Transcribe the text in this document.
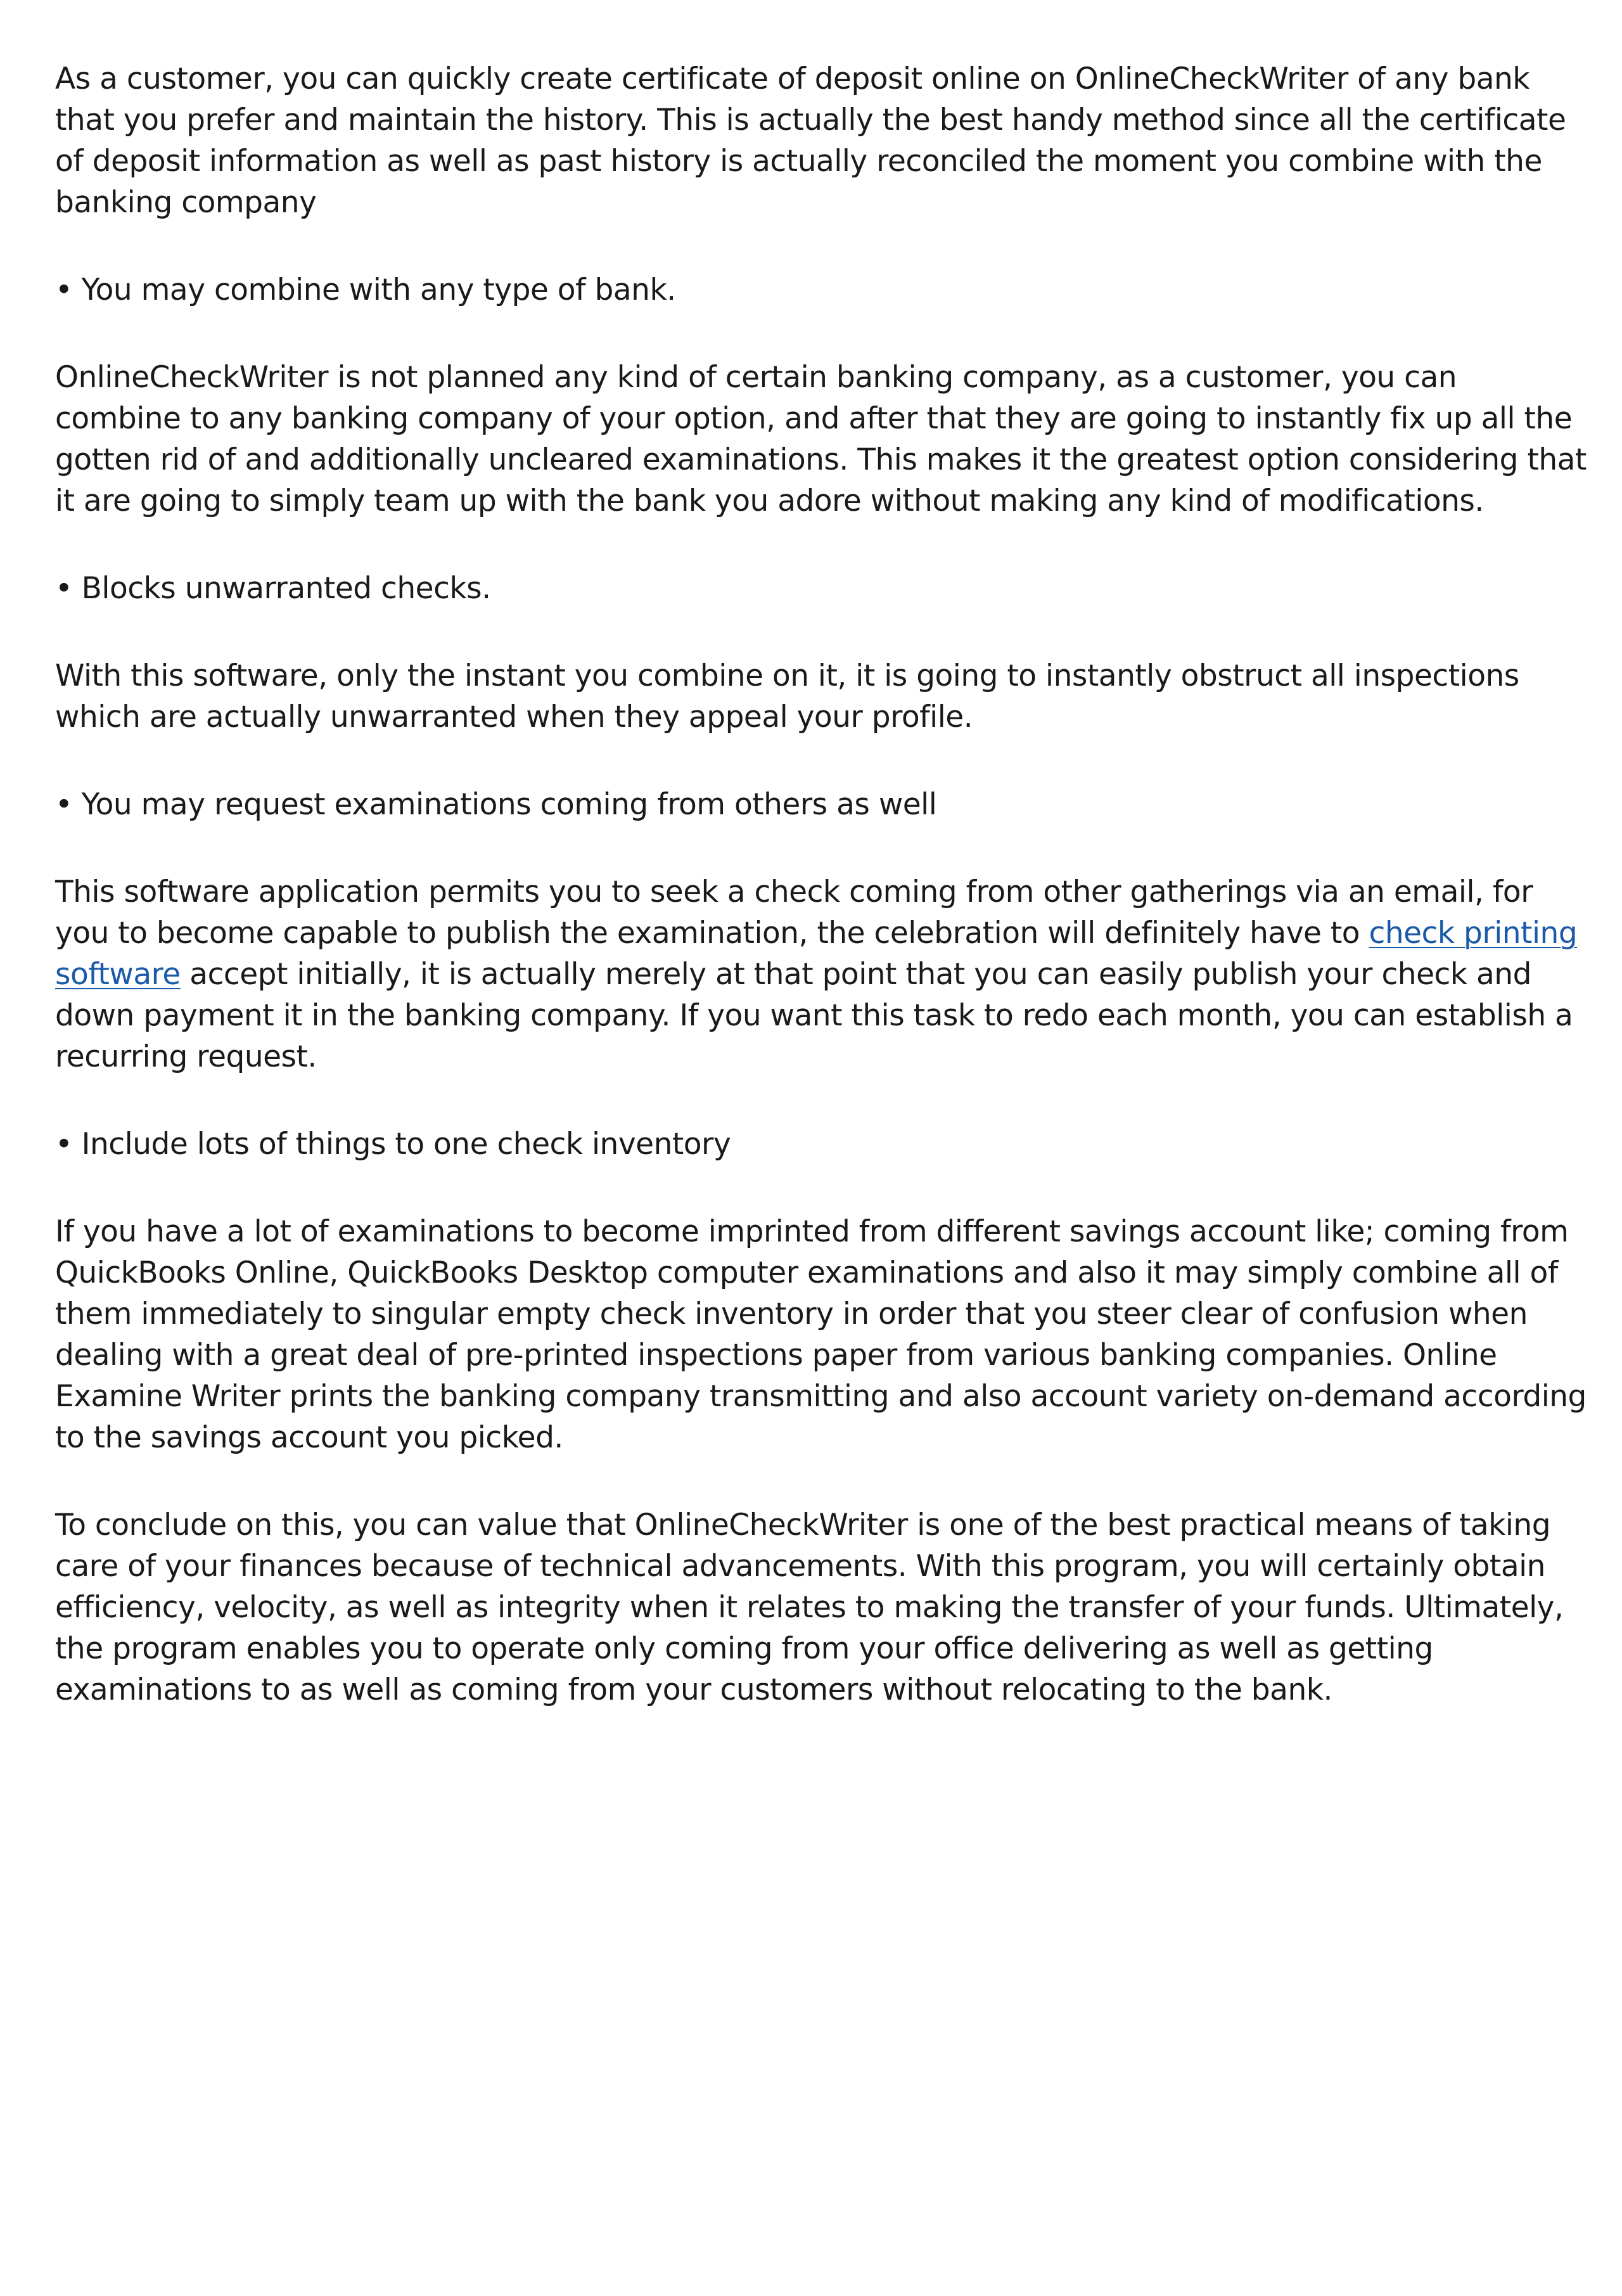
As a customer, you can quickly create certificate of deposit online on OnlineCheckWriter of any bank that you prefer and maintain the history. This is actually the best handy method since all the certificate of deposit information as well as past history is actually reconciled the moment you combine with the banking company

• You may combine with any type of bank.

OnlineCheckWriter is not planned any kind of certain banking company, as a customer, you can combine to any banking company of your option, and after that they are going to instantly fix up all the gotten rid of and additionally uncleared examinations. This makes it the greatest option considering that it are going to simply team up with the bank you adore without making any kind of modifications.

• Blocks unwarranted checks.

With this software, only the instant you combine on it, it is going to instantly obstruct all inspections which are actually unwarranted when they appeal your profile.

• You may request examinations coming from others as well

This software application permits you to seek a check coming from other gatherings via an email, for you to become capable to publish the examination, the celebration will definitely have to check printing software accept initially, it is actually merely at that point that you can easily publish your check and down payment it in the banking company. If you want this task to redo each month, you can establish a recurring request.

• Include lots of things to one check inventory

If you have a lot of examinations to become imprinted from different savings account like; coming from QuickBooks Online, QuickBooks Desktop computer examinations and also it may simply combine all of them immediately to singular empty check inventory in order that you steer clear of confusion when dealing with a great deal of pre-printed inspections paper from various banking companies. Online Examine Writer prints the banking company transmitting and also account variety on-demand according to the savings account you picked.

To conclude on this, you can value that OnlineCheckWriter is one of the best practical means of taking care of your finances because of technical advancements. With this program, you will certainly obtain efficiency, velocity, as well as integrity when it relates to making the transfer of your funds. Ultimately, the program enables you to operate only coming from your office delivering as well as getting examinations to as well as coming from your customers without relocating to the bank.
